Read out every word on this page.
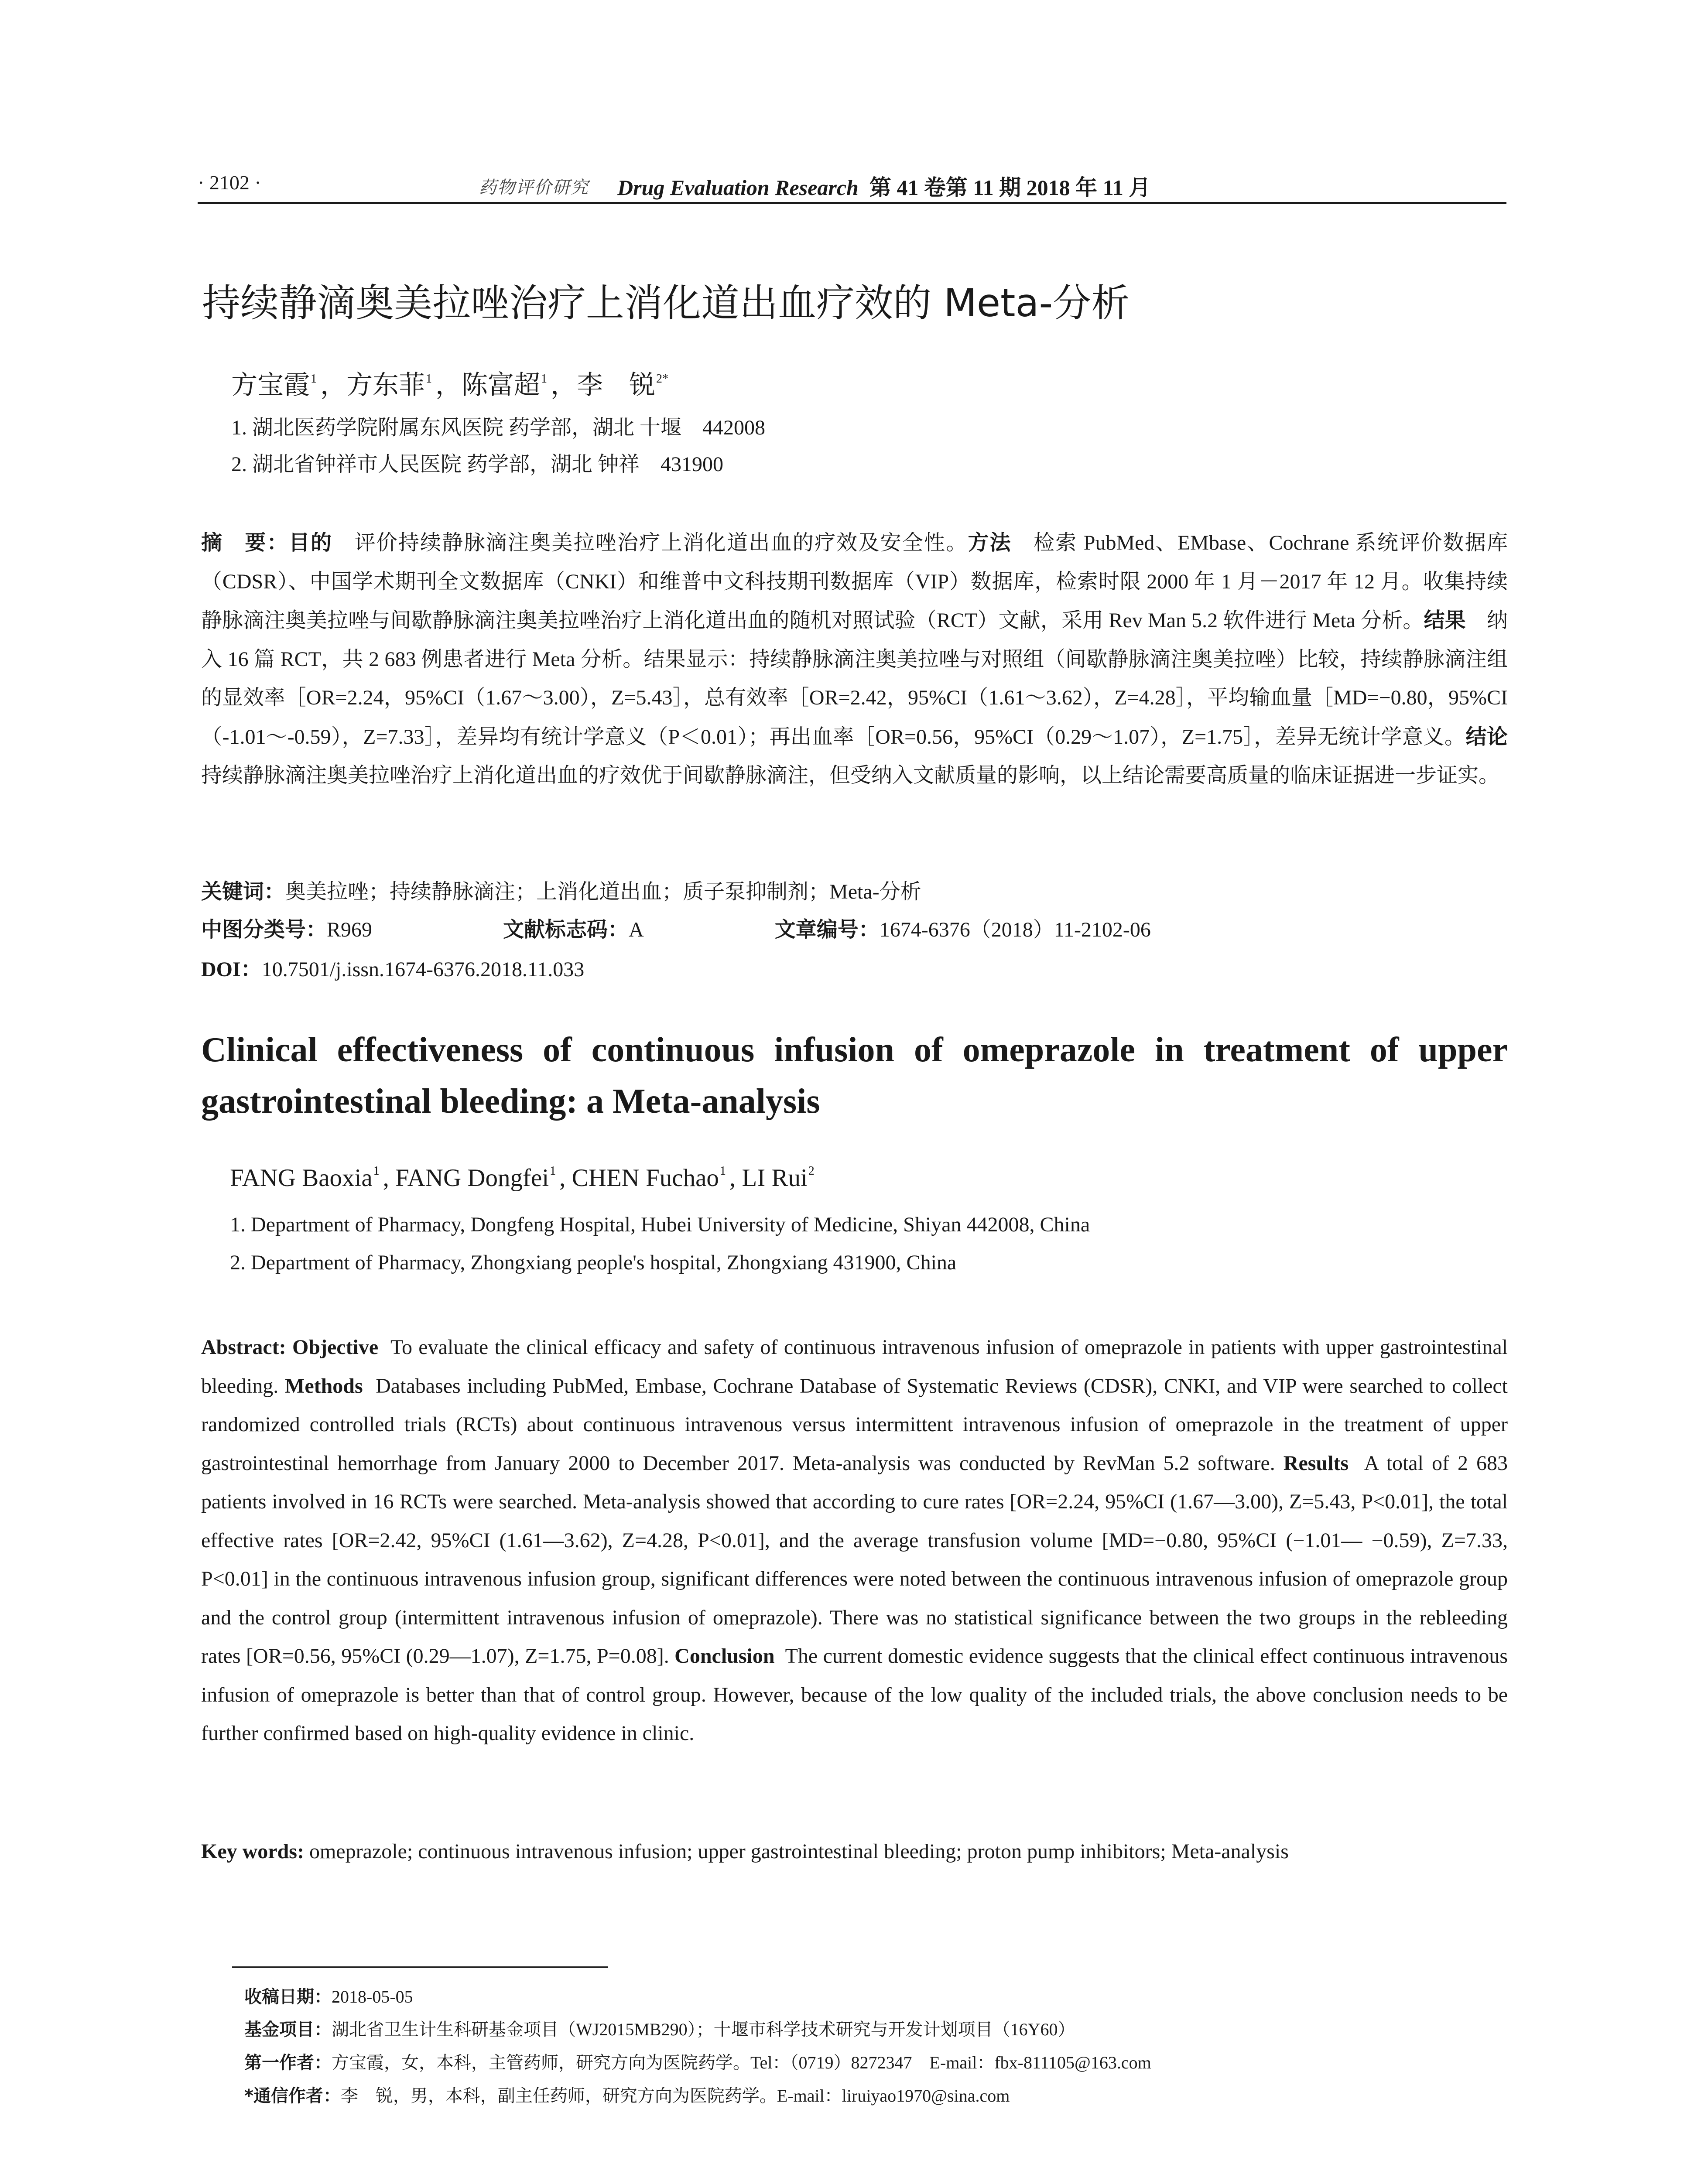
· 2102 ·	药物评价研究 Drug Evaluation Research 第 41 卷第 11 期 2018 年 11 月
持续静滴奥美拉唑治疗上消化道出血疗效的 Meta-分析
方宝霞$^1$ ，方东菲$^1$ ，陈富超$^1$ ，李　锐$^{2*}$
1. 湖北医药学院附属东风医院 药学部，湖北 十堰　442008
2. 湖北省钟祥市人民医院 药学部，湖北 钟祥　431900
摘　要：目的　 评价持续静脉滴注奥美拉唑治疗上消化道出血的疗效及安全性。方法　 检索 PubMed、EMbase、Cochrane 系统评价数据库（CDSR）、中国学术期刊全文数据库（CNKI）和维普中文科技期刊数据库（VIP）数据库，检索时限 2000 年 1 月－2017 年 12 月。收集持续静脉滴注奥美拉唑与间歇静脉滴注奥美拉唑治疗上消化道出血的随机对照试验（RCT）文献，采用 Rev Man 5.2 软件进行 Meta 分析。结果　 纳入 16 篇 RCT，共 2 683 例患者进行 Meta 分析。结果显示：持续静脉滴注奥美拉唑与对照组（间歇静脉滴注奥美拉唑）比较，持续静脉滴注组的显效率［OR=2.24，95%CI（1.67～3.00），Z=5.43］，总有效率［OR=2.42，95%CI（1.61～3.62），Z=4.28］，平均输血量［MD=−0.80，95%CI（-1.01～-0.59），Z=7.33］，差异均有统计学意义（P＜0.01）；再出血率［OR=0.56，95%CI（0.29～1.07），Z=1.75］，差异无统计学意义。结论　持续静脉滴注奥美拉唑治疗上消化道出血的疗效优于间歇静脉滴注，但受纳入文献质量的影响，以上结论需要高质量的临床证据进一步证实。
关键词：奥美拉唑；持续静脉滴注；上消化道出血；质子泵抑制剂；Meta-分析
中图分类号：R969	文献标志码：A	文章编号：1674-6376（2018）11-2102-06
DOI：10.7501/j.issn.1674-6376.2018.11.033
Clinical effectiveness of continuous infusion of omeprazole in treatment of upper gastrointestinal bleeding: a Meta-analysis
FANG Baoxia$^1$ , FANG Dongfei$^1$ , CHEN Fuchao$^1$ , LI Rui$^2$
1. Department of Pharmacy, Dongfeng Hospital, Hubei University of Medicine, Shiyan 442008, China
2. Department of Pharmacy, Zhongxiang people's hospital, Zhongxiang 431900, China
Abstract: Objective To evaluate the clinical efficacy and safety of continuous intravenous infusion of omeprazole in patients with upper gastrointestinal bleeding. Methods Databases including PubMed, Embase, Cochrane Database of Systematic Reviews (CDSR), CNKI, and VIP were searched to collect randomized controlled trials (RCTs) about continuous intravenous versus intermittent intravenous infusion of omeprazole in the treatment of upper gastrointestinal hemorrhage from January 2000 to December 2017. Meta-analysis was conducted by RevMan 5.2 software. Results A total of 2 683 patients involved in 16 RCTs were searched. Meta-analysis showed that according to cure rates [OR=2.24, 95%CI (1.67—3.00), Z=5.43, P<0.01], the total effective rates [OR=2.42, 95%CI (1.61—3.62), Z=4.28, P<0.01], and the average transfusion volume [MD=−0.80, 95%CI (−1.01— −0.59), Z=7.33, P<0.01] in the continuous intravenous infusion group, significant differences were noted between the continuous intravenous infusion of omeprazole group and the control group (intermittent intravenous infusion of omeprazole). There was no statistical significance between the two groups in the rebleeding rates [OR=0.56, 95%CI (0.29—1.07), Z=1.75, P=0.08]. Conclusion The current domestic evidence suggests that the clinical effect continuous intravenous infusion of omeprazole is better than that of control group. However, because of the low quality of the included trials, the above conclusion needs to be further confirmed based on high-quality evidence in clinic.
Key words: omeprazole; continuous intravenous infusion; upper gastrointestinal bleeding; proton pump inhibitors; Meta-analysis
收稿日期：2018-05-05
基金项目：湖北省卫生计生科研基金项目（WJ2015MB290）；十堰市科学技术研究与开发计划项目（16Y60）
第一作者：方宝霞，女，本科，主管药师，研究方向为医院药学。Tel：（0719）8272347　E-mail：fbx-811105@163.com
*通信作者：李　锐，男，本科，副主任药师，研究方向为医院药学。E-mail：liruiyao1970@sina.com
